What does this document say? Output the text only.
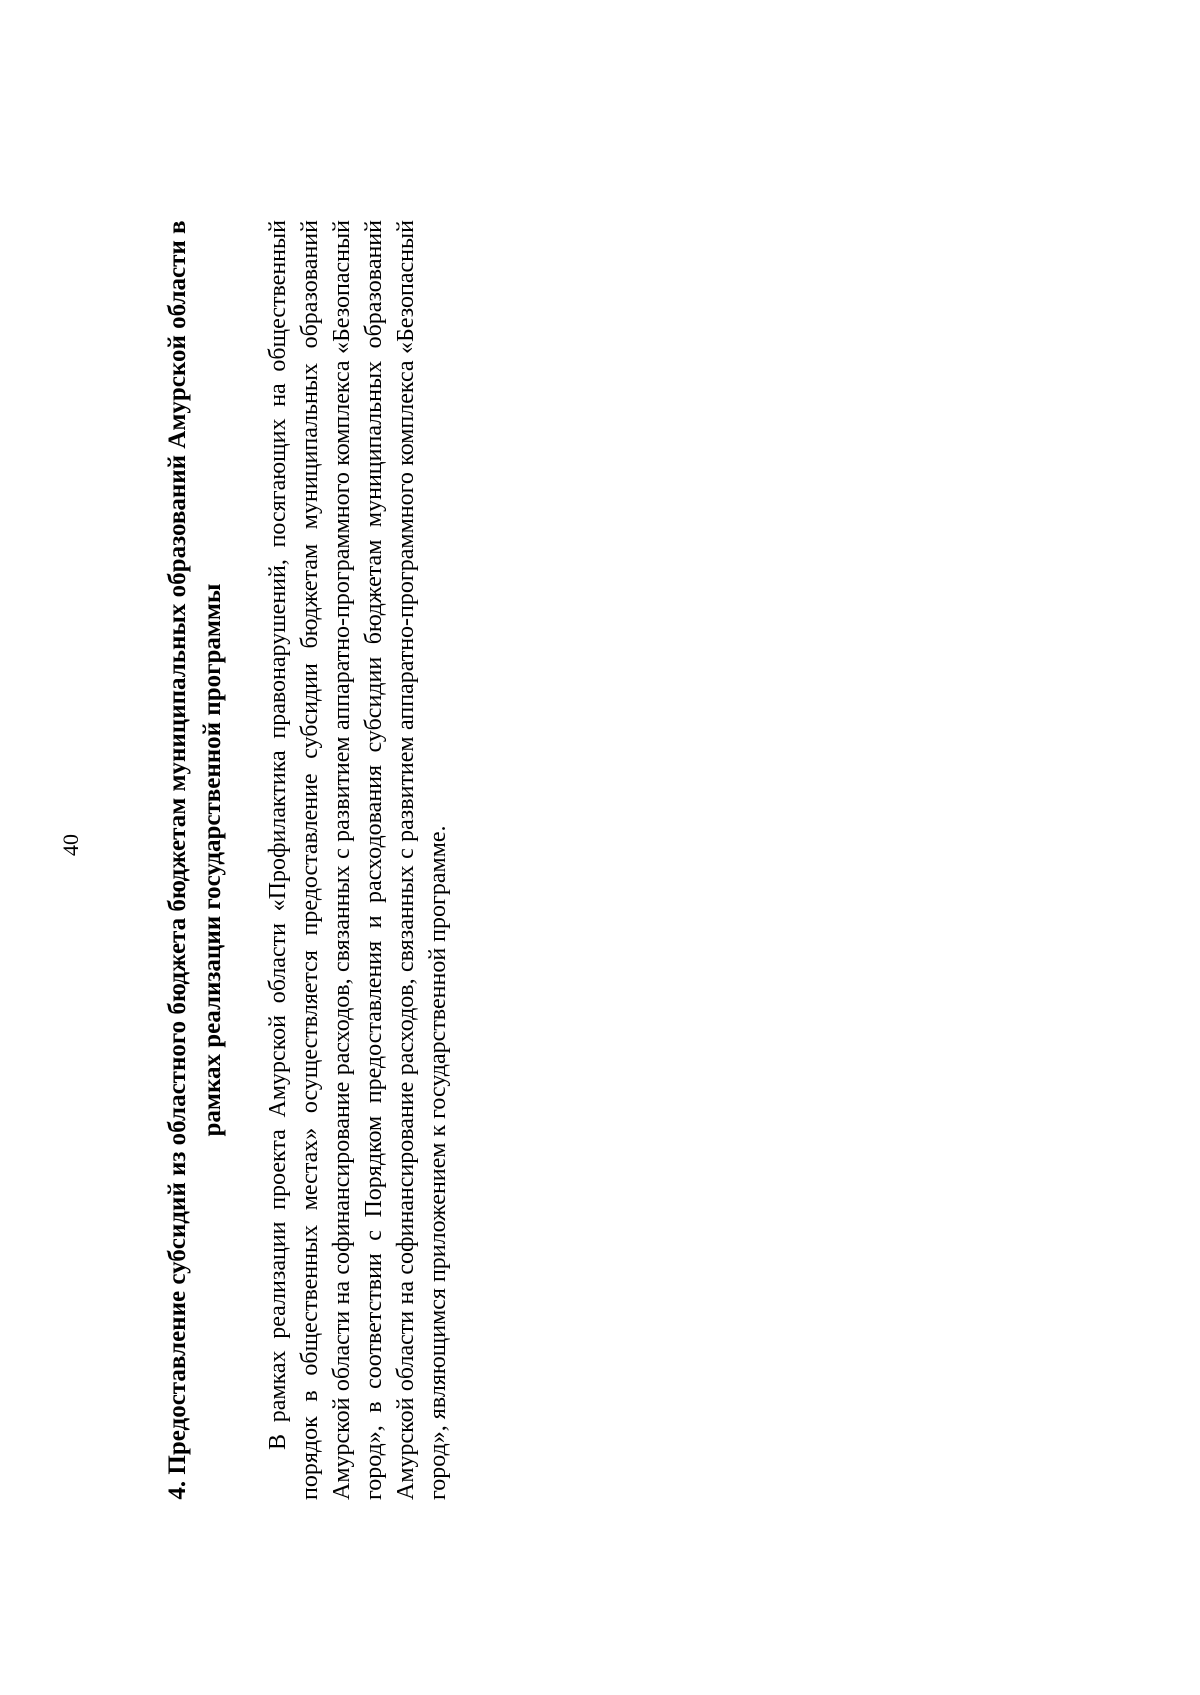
40	4. Предоставление субсидий из областного бюджета бюджетам муниципальных образований Амурской области в рамках реализации государственной программы В рамках реализации проекта Амурской области «Профилактика правонарушений, посягающих на общественный порядок в общественных местах» осуществляется предоставление субсидии бюджетам муниципальных образований Амурской области на софинансирование расходов, связанных с развитием аппаратно-программного комплекса «Безопасный город», в соответствии с Порядком предоставления и расходования субсидии бюджетам муниципальных образований Амурской области на софинансирование расходов, связанных с развитием аппаратно-программного комплекса «Безопасный город», являющимся приложением к государственной программе.
